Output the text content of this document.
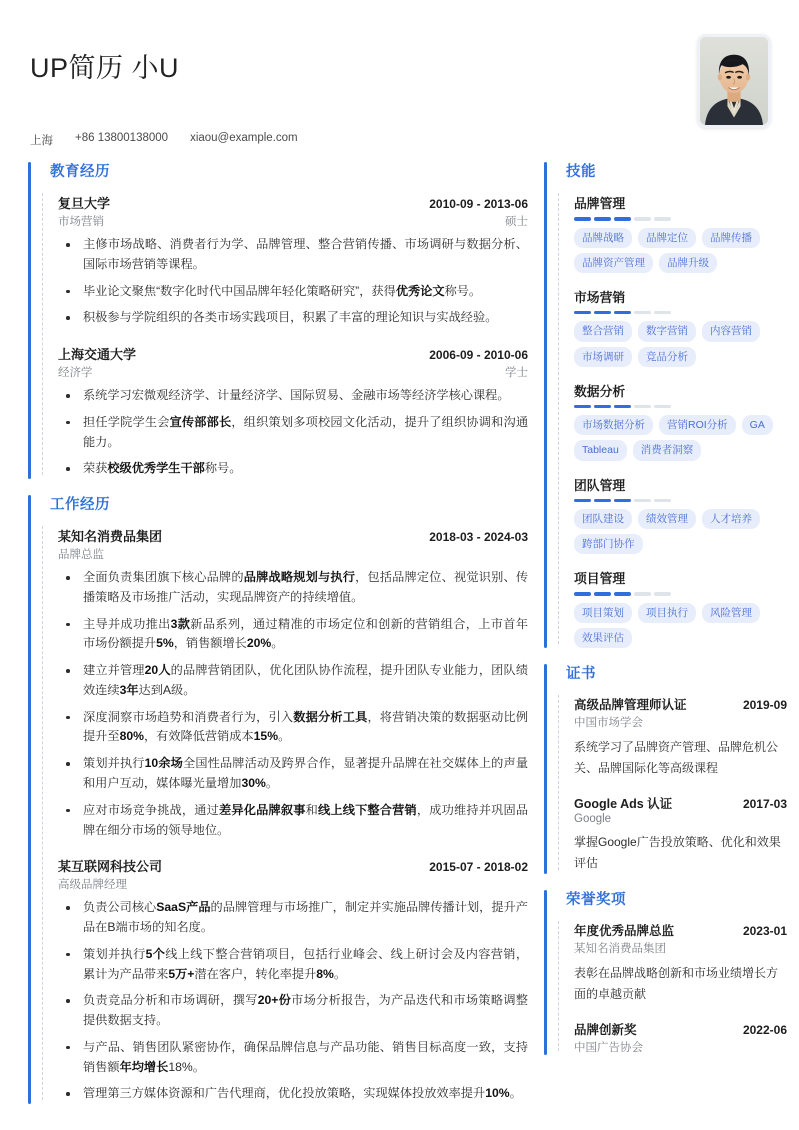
UP简历 小U
上海 +86 13800138000 xiaou@example.com
教育经历
复旦大学	2010-09 - 2013-06
市场营销	硕士
主修市场战略、消费者行为学、品牌管理、整合营销传播、市场调研与数据分析、国际市场营销等课程。
毕业论文聚焦“数字化时代中国品牌年轻化策略研究”，获得优秀论文称号。
积极参与学院组织的各类市场实践项目，积累了丰富的理论知识与实战经验。
上海交通大学	2006-09 - 2010-06
经济学	学士
系统学习宏微观经济学、计量经济学、国际贸易、金融市场等经济学核心课程。
担任学院学生会宣传部部长，组织策划多项校园文化活动，提升了组织协调和沟通能力。
荣获校级优秀学生干部称号。
工作经历
某知名消费品集团	2018-03 - 2024-03
品牌总监
全面负责集团旗下核心品牌的品牌战略规划与执行，包括品牌定位、视觉识别、传播策略及市场推广活动，实现品牌资产的持续增值。
主导并成功推出3款新品系列，通过精准的市场定位和创新的营销组合，上市首年市场份额提升5%，销售额增长20%。
建立并管理20人的品牌营销团队，优化团队协作流程，提升团队专业能力，团队绩效连续3年达到A级。
深度洞察市场趋势和消费者行为，引入数据分析工具，将营销决策的数据驱动比例提升至80%，有效降低营销成本15%。
策划并执行10余场全国性品牌活动及跨界合作，显著提升品牌在社交媒体上的声量和用户互动，媒体曝光量增加30%。
应对市场竞争挑战，通过差异化品牌叙事和线上线下整合营销，成功维持并巩固品牌在细分市场的领导地位。
某互联网科技公司	2015-07 - 2018-02
高级品牌经理
负责公司核心SaaS产品的品牌管理与市场推广，制定并实施品牌传播计划，提升产品在B端市场的知名度。
策划并执行5个线上线下整合营销项目，包括行业峰会、线上研讨会及内容营销，累计为产品带来5万+潜在客户，转化率提升8%。
负责竞品分析和市场调研，撰写20+份市场分析报告，为产品迭代和市场策略调整提供数据支持。
与产品、销售团队紧密协作，确保品牌信息与产品功能、销售目标高度一致，支持销售额年均增长18%。
管理第三方媒体资源和广告代理商，优化投放策略，实现媒体投放效率提升10%。
技能
品牌管理
品牌战略	品牌定位	品牌传播
品牌资产管理	品牌升级
市场营销
整合营销	数字营销	内容营销
市场调研	竞品分析
数据分析
市场数据分析	营销ROI分析	GA
Tableau	消费者洞察
团队管理
团队建设	绩效管理	人才培养
跨部门协作
项目管理
项目策划	项目执行	风险管理
效果评估
证书
高级品牌管理师认证	2019-09
中国市场学会
系统学习了品牌资产管理、品牌危机公关、品牌国际化等高级课程
Google Ads 认证	2017-03
Google
掌握Google广告投放策略、优化和效果评估
荣誉奖项
年度优秀品牌总监	2023-01
某知名消费品集团
表彰在品牌战略创新和市场业绩增长方面的卓越贡献
品牌创新奖	2022-06
中国广告协会
